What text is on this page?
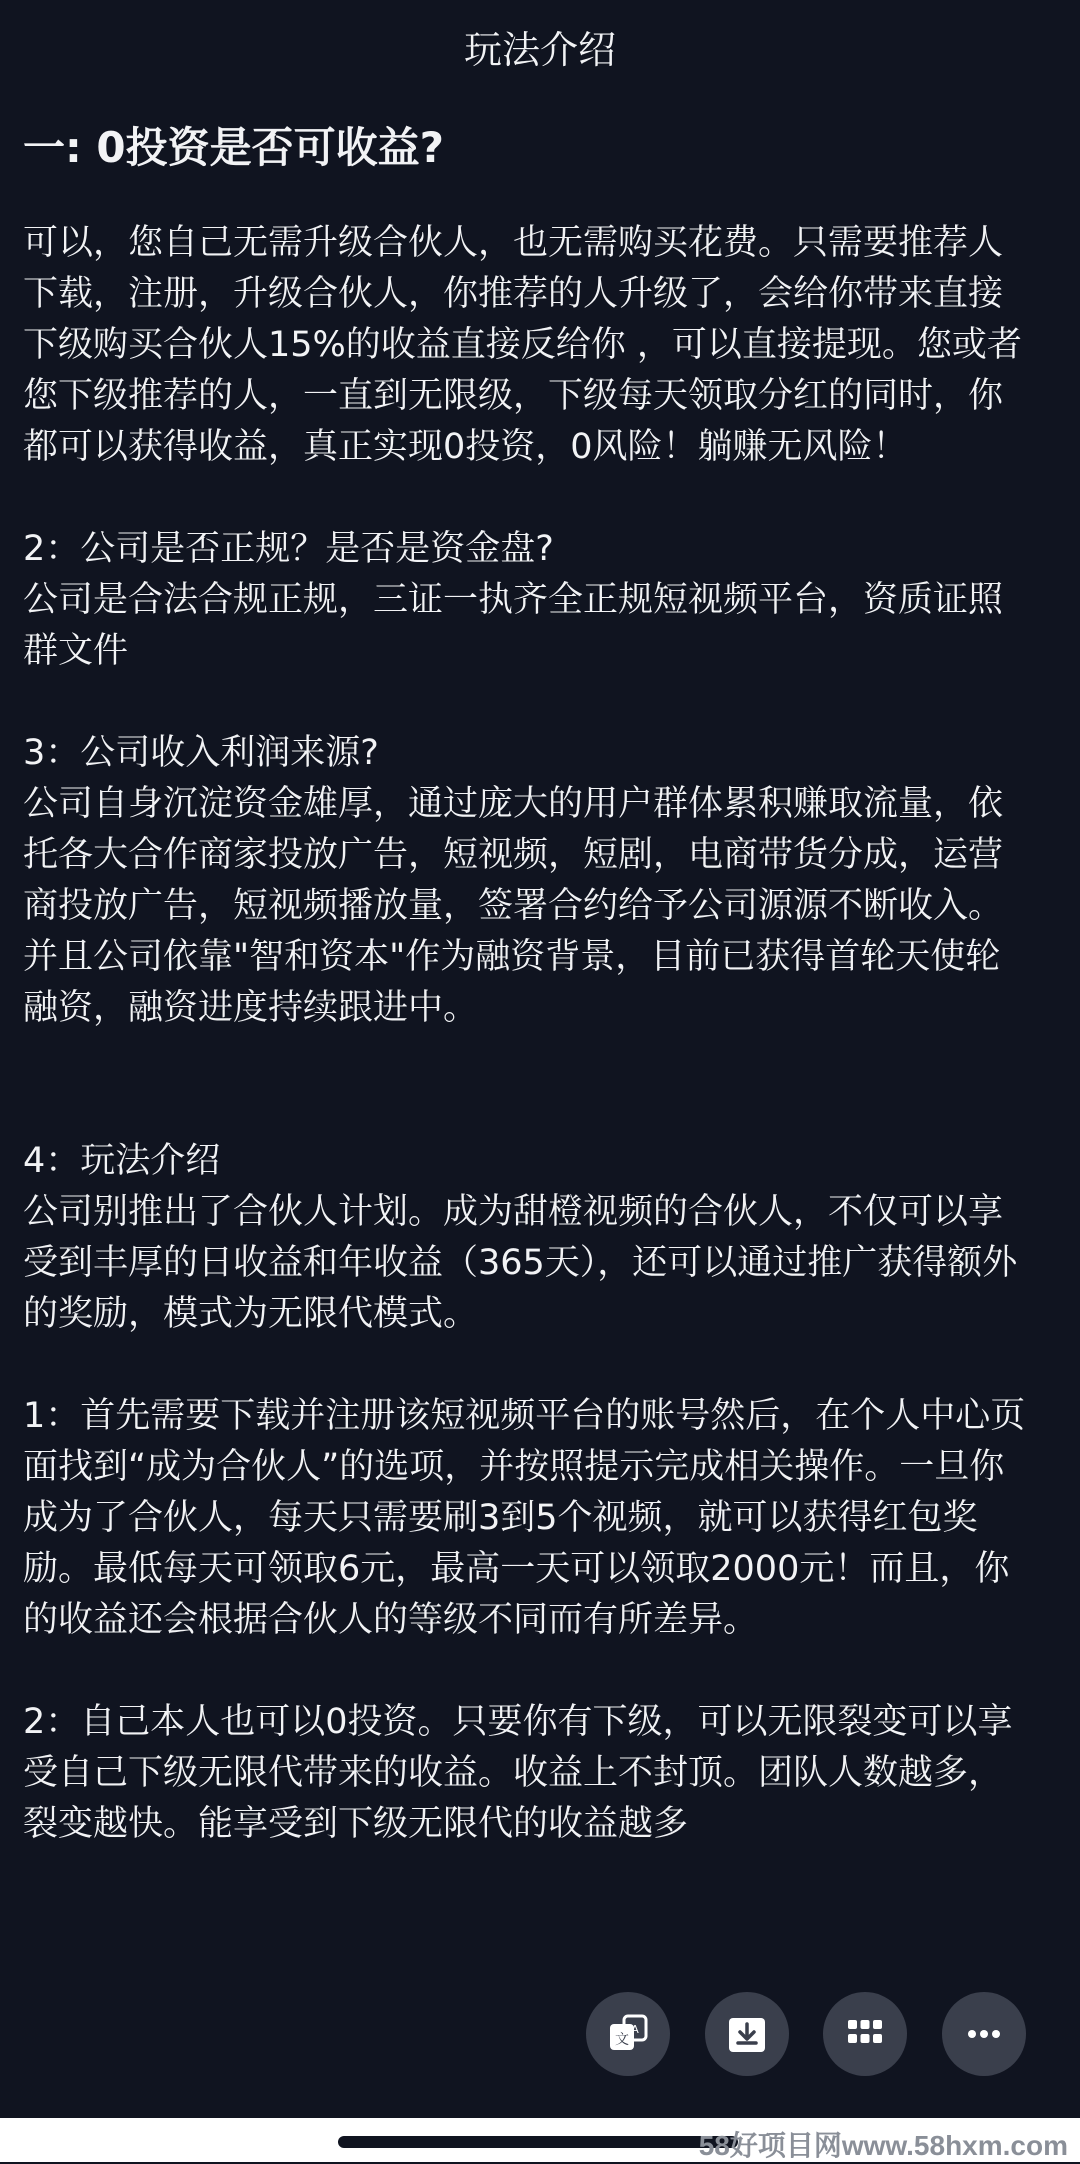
玩法介绍
一: 0投资是否可收益?

可以，您自己无需升级合伙人，也无需购买花费。只需要推荐人下载，注册，升级合伙人，你推荐的人升级了，会给你带来直接下级购买合伙人15%的收益直接反给你 ，可以直接提现。您或者您下级推荐的人，一直到无限级，下级每天领取分红的同时，你都可以获得收益，真正实现0投资，0风险！躺赚无风险！

2：公司是否正规？是否是资金盘?

公司是合法合规正规，三证一执齐全正规短视频平台，资质证照群文件

3：公司收入利润来源?

公司自身沉淀资金雄厚，通过庞大的用户群体累积赚取流量，依托各大合作商家投放广告，短视频，短剧，电商带货分成，运营商投放广告，短视频播放量，签署合约给予公司源源不断收入。并且公司依靠"智和资本"作为融资背景，目前已获得首轮天使轮融资，融资进度持续跟进中。

4：玩法介绍

公司别推出了合伙人计划。成为甜橙视频的合伙人，不仅可以享受到丰厚的日收益和年收益（365天），还可以通过推广获得额外的奖励，模式为无限代模式。

1：首先需要下载并注册该短视频平台的账号然后，在个人中心页面找到“成为合伙人”的选项，并按照提示完成相关操作。一旦你成为了合伙人，每天只需要刷3到5个视频，就可以获得红包奖励。最低每天可领取6元，最高一天可以领取2000元！而且，你的收益还会根据合伙人的等级不同而有所差异。

2：自己本人也可以0投资。只要你有下级，可以无限裂变可以享受自己下级无限代带来的收益。收益上不封顶。团队人数越多，裂变越快。能享受到下级无限代的收益越多

文
A
58好项目网www.58hxm.com
